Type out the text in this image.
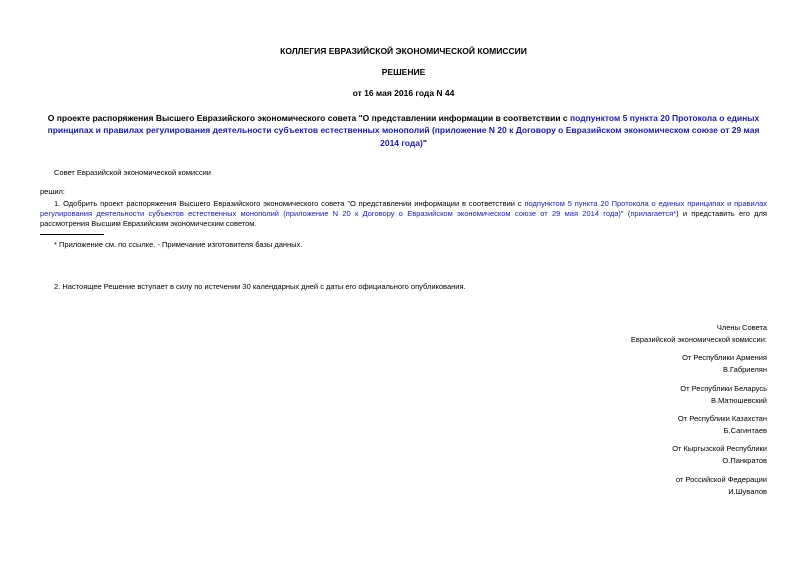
КОЛЛЕГИЯ ЕВРАЗИЙСКОЙ ЭКОНОМИЧЕСКОЙ КОМИССИИ
РЕШЕНИЕ
от 16 мая 2016 года N 44
О проекте распоряжения Высшего Евразийского экономического совета "О представлении информации в соответствии с подпунктом 5 пункта 20 Протокола о единых принципах и правилах регулирования деятельности субъектов естественных монополий (приложение N 20 к Договору о Евразийском экономическом союзе от 29 мая 2014 года)"
Совет Евразийской экономической комиссии
решил:
1. Одобрить проект распоряжения Высшего Евразийского экономического совета "О представлении информации в соответствии с подпунктом 5 пункта 20 Протокола о единых принципах и правилах регулирования деятельности субъектов естественных монополий (приложение N 20 к Договору о Евразийском экономическом союзе от 29 мая 2014 года)" (прилагается*) и представить его для рассмотрения Высшим Евразийским экономическим советом.
* Приложение см. по ссылке. - Примечание изготовителя базы данных.
2. Настоящее Решение вступает в силу по истечении 30 календарных дней с даты его официального опубликования.
Члены Совета
Евразийской экономической комиссии:
От Республики Армения
В.Габриелян
От Республики Беларусь
В.Матюшевский
От Республики Казахстан
Б.Сагинтаев
От Кыргызской Республики
О.Панкратов
от Российской Федерации
И.Шувалов
